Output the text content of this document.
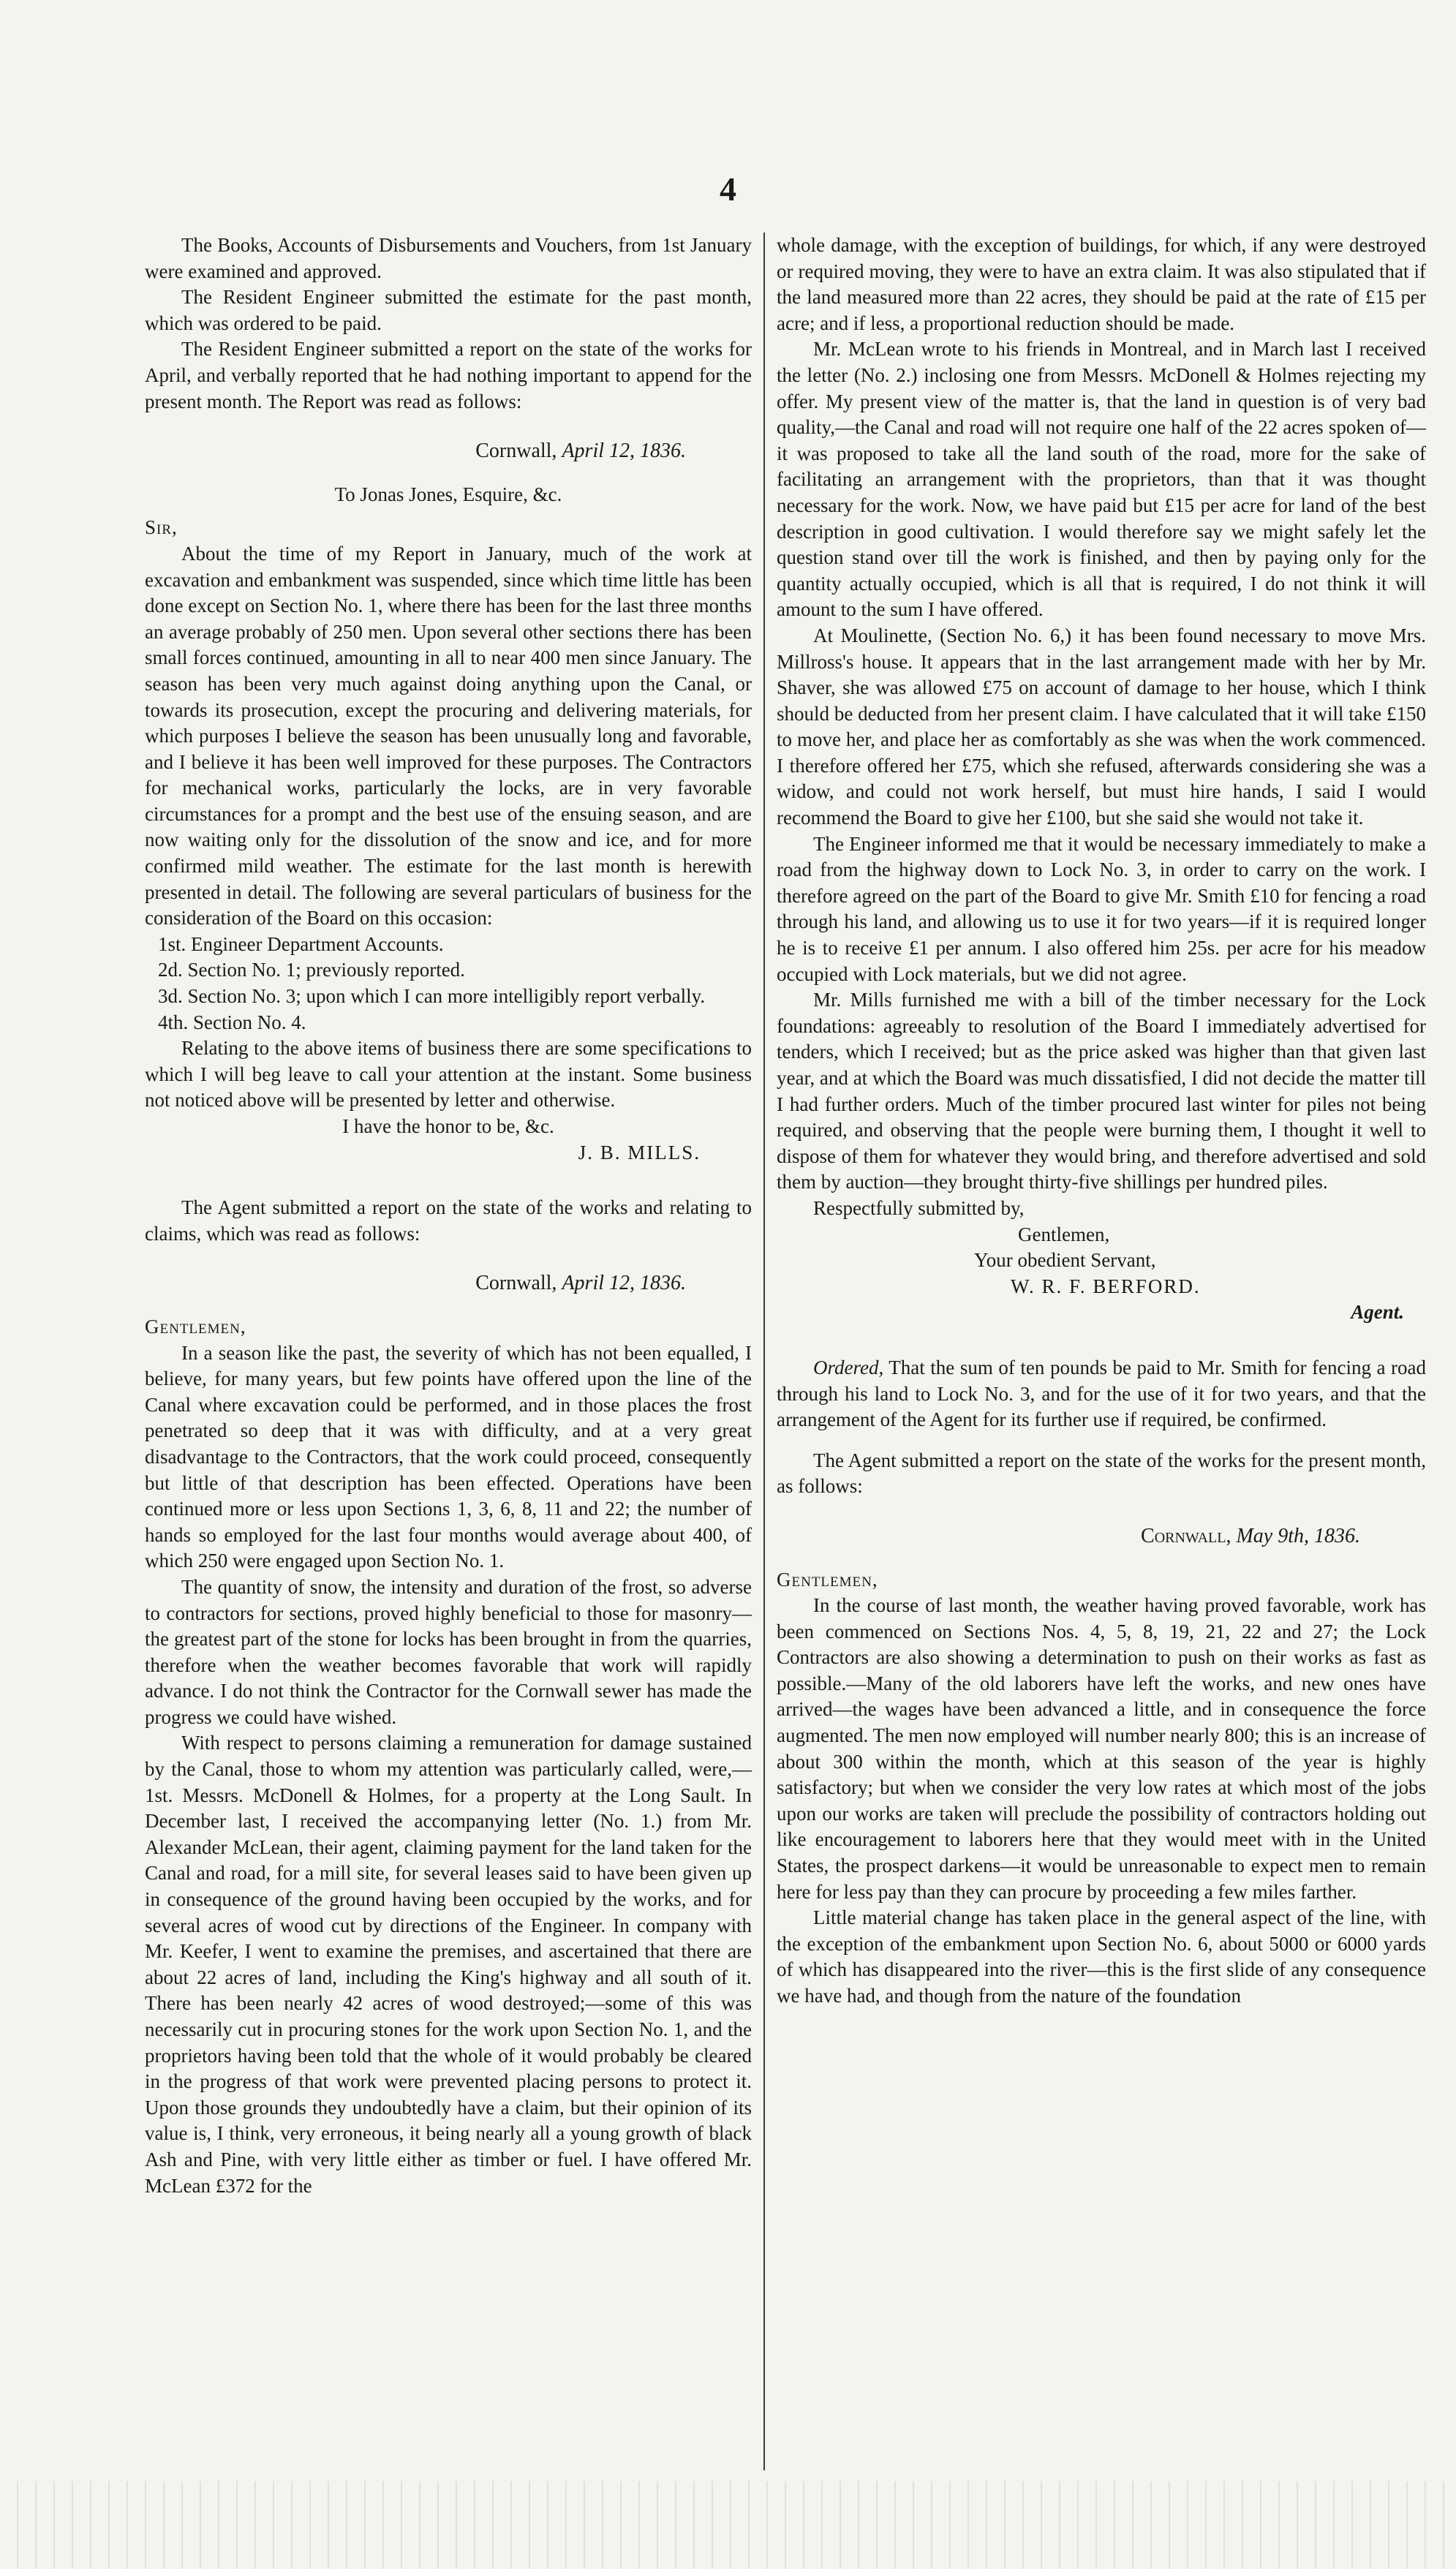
4

The Books, Accounts of Disbursements and Vouchers, from 1st January were examined and approved.

The Resident Engineer submitted the estimate for the past month, which was ordered to be paid.

The Resident Engineer submitted a report on the state of the works for April, and verbally reported that he had nothing important to append for the present month. The Report was read as follows:

Cornwall, April 12, 1836.

To Jonas Jones, Esquire, &c.

Sir,

About the time of my Report in January, much of the work at excavation and embankment was suspended, since which time little has been done except on Section No. 1, where there has been for the last three months an average probably of 250 men. Upon several other sections there has been small forces continued, amounting in all to near 400 men since January. The season has been very much against doing anything upon the Canal, or towards its prosecution, except the procuring and delivering materials, for which purposes I believe the season has been unusually long and favorable, and I believe it has been well improved for these purposes. The Contractors for mechanical works, particularly the locks, are in very favorable circumstances for a prompt and the best use of the ensuing season, and are now waiting only for the dissolution of the snow and ice, and for more confirmed mild weather. The estimate for the last month is herewith presented in detail. The following are several particulars of business for the consideration of the Board on this occasion:

1st. Engineer Department Accounts.
2d. Section No. 1; previously reported.
3d. Section No. 3; upon which I can more intelligibly report verbally.
4th. Section No. 4.

Relating to the above items of business there are some specifications to which I will beg leave to call your attention at the instant. Some business not noticed above will be presented by letter and otherwise.

I have the honor to be, &c.

J. B. MILLS.

The Agent submitted a report on the state of the works and relating to claims, which was read as follows:

Cornwall, April 12, 1836.

Gentlemen,

In a season like the past, the severity of which has not been equalled, I believe, for many years, but few points have offered upon the line of the Canal where excavation could be performed, and in those places the frost penetrated so deep that it was with difficulty, and at a very great disadvantage to the Contractors, that the work could proceed, consequently but little of that description has been effected. Operations have been continued more or less upon Sections 1, 3, 6, 8, 11 and 22; the number of hands so employed for the last four months would average about 400, of which 250 were engaged upon Section No. 1.

The quantity of snow, the intensity and duration of the frost, so adverse to contractors for sections, proved highly beneficial to those for masonry—the greatest part of the stone for locks has been brought in from the quarries, therefore when the weather becomes favorable that work will rapidly advance. I do not think the Contractor for the Cornwall sewer has made the progress we could have wished.

With respect to persons claiming a remuneration for damage sustained by the Canal, those to whom my attention was particularly called, were,—1st. Messrs. McDonell & Holmes, for a property at the Long Sault. In December last, I received the accompanying letter (No. 1.) from Mr. Alexander McLean, their agent, claiming payment for the land taken for the Canal and road, for a mill site, for several leases said to have been given up in consequence of the ground having been occupied by the works, and for several acres of wood cut by directions of the Engineer. In company with Mr. Keefer, I went to examine the premises, and ascertained that there are about 22 acres of land, including the King's highway and all south of it. There has been nearly 42 acres of wood destroyed;—some of this was necessarily cut in procuring stones for the work upon Section No. 1, and the proprietors having been told that the whole of it would probably be cleared in the progress of that work were prevented placing persons to protect it. Upon those grounds they undoubtedly have a claim, but their opinion of its value is, I think, very erroneous, it being nearly all a young growth of black Ash and Pine, with very little either as timber or fuel. I have offered Mr. McLean £372 for the

whole damage, with the exception of buildings, for which, if any were destroyed or required moving, they were to have an extra claim. It was also stipulated that if the land measured more than 22 acres, they should be paid at the rate of £15 per acre; and if less, a proportional reduction should be made.

Mr. McLean wrote to his friends in Montreal, and in March last I received the letter (No. 2.) inclosing one from Messrs. McDonell & Holmes rejecting my offer. My present view of the matter is, that the land in question is of very bad quality,—the Canal and road will not require one half of the 22 acres spoken of—it was proposed to take all the land south of the road, more for the sake of facilitating an arrangement with the proprietors, than that it was thought necessary for the work. Now, we have paid but £15 per acre for land of the best description in good cultivation. I would therefore say we might safely let the question stand over till the work is finished, and then by paying only for the quantity actually occupied, which is all that is required, I do not think it will amount to the sum I have offered.

At Moulinette, (Section No. 6,) it has been found necessary to move Mrs. Millross's house. It appears that in the last arrangement made with her by Mr. Shaver, she was allowed £75 on account of damage to her house, which I think should be deducted from her present claim. I have calculated that it will take £150 to move her, and place her as comfortably as she was when the work commenced. I therefore offered her £75, which she refused, afterwards considering she was a widow, and could not work herself, but must hire hands, I said I would recommend the Board to give her £100, but she said she would not take it.

The Engineer informed me that it would be necessary immediately to make a road from the highway down to Lock No. 3, in order to carry on the work. I therefore agreed on the part of the Board to give Mr. Smith £10 for fencing a road through his land, and allowing us to use it for two years—if it is required longer he is to receive £1 per annum. I also offered him 25s. per acre for his meadow occupied with Lock materials, but we did not agree.

Mr. Mills furnished me with a bill of the timber necessary for the Lock foundations: agreeably to resolution of the Board I immediately advertised for tenders, which I received; but as the price asked was higher than that given last year, and at which the Board was much dissatisfied, I did not decide the matter till I had further orders. Much of the timber procured last winter for piles not being required, and observing that the people were burning them, I thought it well to dispose of them for whatever they would bring, and therefore advertised and sold them by auction—they brought thirty-five shillings per hundred piles.

Respectfully submitted by,

Gentlemen,

Your obedient Servant,

W. R. F. BERFORD.

Agent.

Ordered, That the sum of ten pounds be paid to Mr. Smith for fencing a road through his land to Lock No. 3, and for the use of it for two years, and that the arrangement of the Agent for its further use if required, be confirmed.

The Agent submitted a report on the state of the works for the present month, as follows:

Cornwall, May 9th, 1836.

Gentlemen,

In the course of last month, the weather having proved favorable, work has been commenced on Sections Nos. 4, 5, 8, 19, 21, 22 and 27; the Lock Contractors are also showing a determination to push on their works as fast as possible.—Many of the old laborers have left the works, and new ones have arrived—the wages have been advanced a little, and in consequence the force augmented. The men now employed will number nearly 800; this is an increase of about 300 within the month, which at this season of the year is highly satisfactory; but when we consider the very low rates at which most of the jobs upon our works are taken will preclude the possibility of contractors holding out like encouragement to laborers here that they would meet with in the United States, the prospect darkens—it would be unreasonable to expect men to remain here for less pay than they can procure by proceeding a few miles farther.

Little material change has taken place in the general aspect of the line, with the exception of the embankment upon Section No. 6, about 5000 or 6000 yards of which has disappeared into the river—this is the first slide of any consequence we have had, and though from the nature of the foundation
